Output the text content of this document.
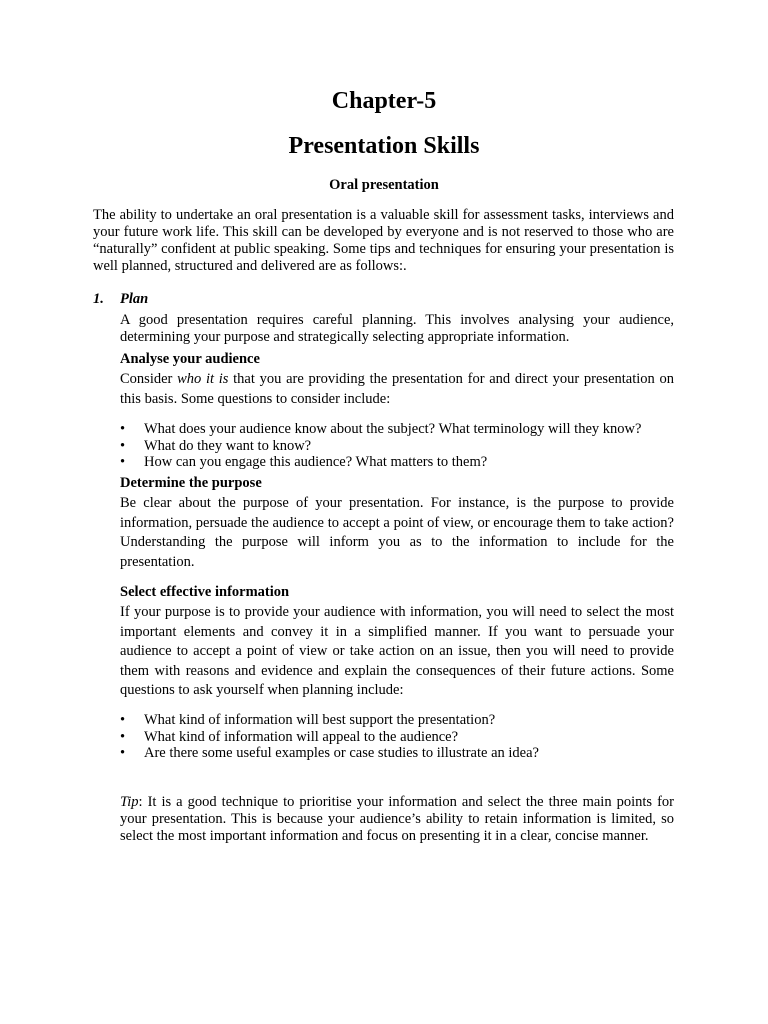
Chapter-5
Presentation Skills
Oral presentation
The ability to undertake an oral presentation is a valuable skill for assessment tasks, interviews and your future work life. This skill can be developed by everyone and is not reserved to those who are “naturally” confident at public speaking. Some tips and techniques for ensuring your presentation is well planned, structured and delivered are as follows:.
1. Plan
A good presentation requires careful planning. This involves analysing your audience, determining your purpose and strategically selecting appropriate information.
Analyse your audience
Consider who it is that you are providing the presentation for and direct your presentation on this basis. Some questions to consider include:
• What does your audience know about the subject? What terminology will they know?
• What do they want to know?
• How can you engage this audience? What matters to them?
Determine the purpose
Be clear about the purpose of your presentation. For instance, is the purpose to provide information, persuade the audience to accept a point of view, or encourage them to take action? Understanding the purpose will inform you as to the information to include for the presentation.
Select effective information
If your purpose is to provide your audience with information, you will need to select the most important elements and convey it in a simplified manner. If you want to persuade your audience to accept a point of view or take action on an issue, then you will need to provide them with reasons and evidence and explain the consequences of their future actions. Some questions to ask yourself when planning include:
• What kind of information will best support the presentation?
• What kind of information will appeal to the audience?
• Are there some useful examples or case studies to illustrate an idea?
Tip: It is a good technique to prioritise your information and select the three main points for your presentation. This is because your audience’s ability to retain information is limited, so select the most important information and focus on presenting it in a clear, concise manner.
